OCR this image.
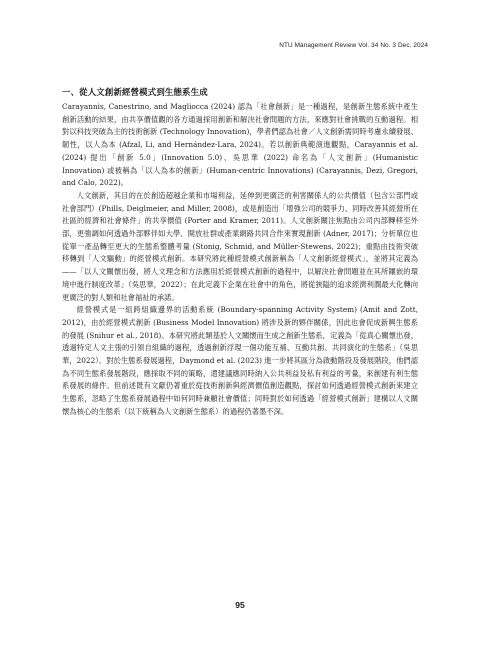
NTU Management Review Vol. 34 No. 3 Dec. 2024
一、從人文創新經營模式到生態系生成

Carayannis, Canestrino, and Magliocca (2024) 認為「社會創新」是一種過程，是創新生態系統中產生創新活動的結果，由共享價值觀的各方通過採用創新和解決社會問題的方法，來應對社會挑戰的互動過程。相對以科技突破為主的技術創新 (Technology Innovation)，學者們認為社會／人文創新需同時考慮永續發展、韌性，以人為本 (Afzal, Li, and Hernández-Lara, 2024)。若以創新典範演進觀點，Carayannis et al. (2024) 提出「創新 5.0」(Innovation 5.0)、吳思華 (2022) 命名為「人文創新」(Humanistic Innovation) 或被稱為「以人為本的創新」(Human-centric Innovations) (Carayannis, Dezi, Gregori, and Calo, 2022)。

人文創新，其目的在於創造超越企業和市場利益，延伸到更廣泛的利害關係人的公共價值（包含公部門或社會部門）(Phills, Deiglmeier, and Miller, 2008)，或是創造出「增強公司的競爭力、同時改善其經營所在社區的經濟和社會條件」的共享價值 (Porter and Kramer, 2011)。人文創新關注焦點由公司內部轉移至外部，更強調如何透過外部夥伴如大學、開放社群或產業網路共同合作來實現創新 (Adner, 2017)；分析單位也從單一產品轉至更大的生態系整體考量 (Stonig, Schmid, and Müller-Stewens, 2022)；重點由技術突破移轉到「人文驅動」的經營模式創新。本研究將此種經營模式創新稱為「人文創新經營模式」，並將其定義為——「以人文關懷出發，將人文理念和方法應用於經營模式創新的過程中，以解決社會問題並在其所鑲嵌的環境中進行制度改革」（吳思華，2022）；在此定義下企業在社會中的角色，將從狹隘的追求經濟利潤最大化轉向更廣泛的對人類和社會福祉的承諾。

經營模式是一組跨組織邊界的活動系統 (Boundary-spanning Activity System) (Amit and Zott, 2012)，由於經營模式創新 (Business Model Innovation) 將涉及新的夥伴關係，因此也會促成新興生態系的發展 (Snihur et al., 2018)。本研究將此類基於人文關懷而生成之創新生態系，定義為「從真心關懷出發，透過特定人文主張的引領自組織的過程，透過創新浮現一個功能互補、互動共創、共同演化的生態系」（吳思華，2022）。對於生態系發展過程，Daymond et al. (2023) 進一步將其區分為啟動階段及發展階段，他們認為不同生態系發展階段，應採取不同的策略，還建議應同時納入公共利益及私有利益的考量，來創建有利生態系發展的條件。但前述既有文獻仍著重於從技術創新與經濟價值創造觀點，探討如何透過經營模式創新來建立生態系，忽略了生態系發展過程中如何同時兼顧社會價值；同時對於如何透過「經營模式創新」建構以人文關懷為核心的生態系（以下統稱為人文創新生態系）的過程仍著墨不深。

95
